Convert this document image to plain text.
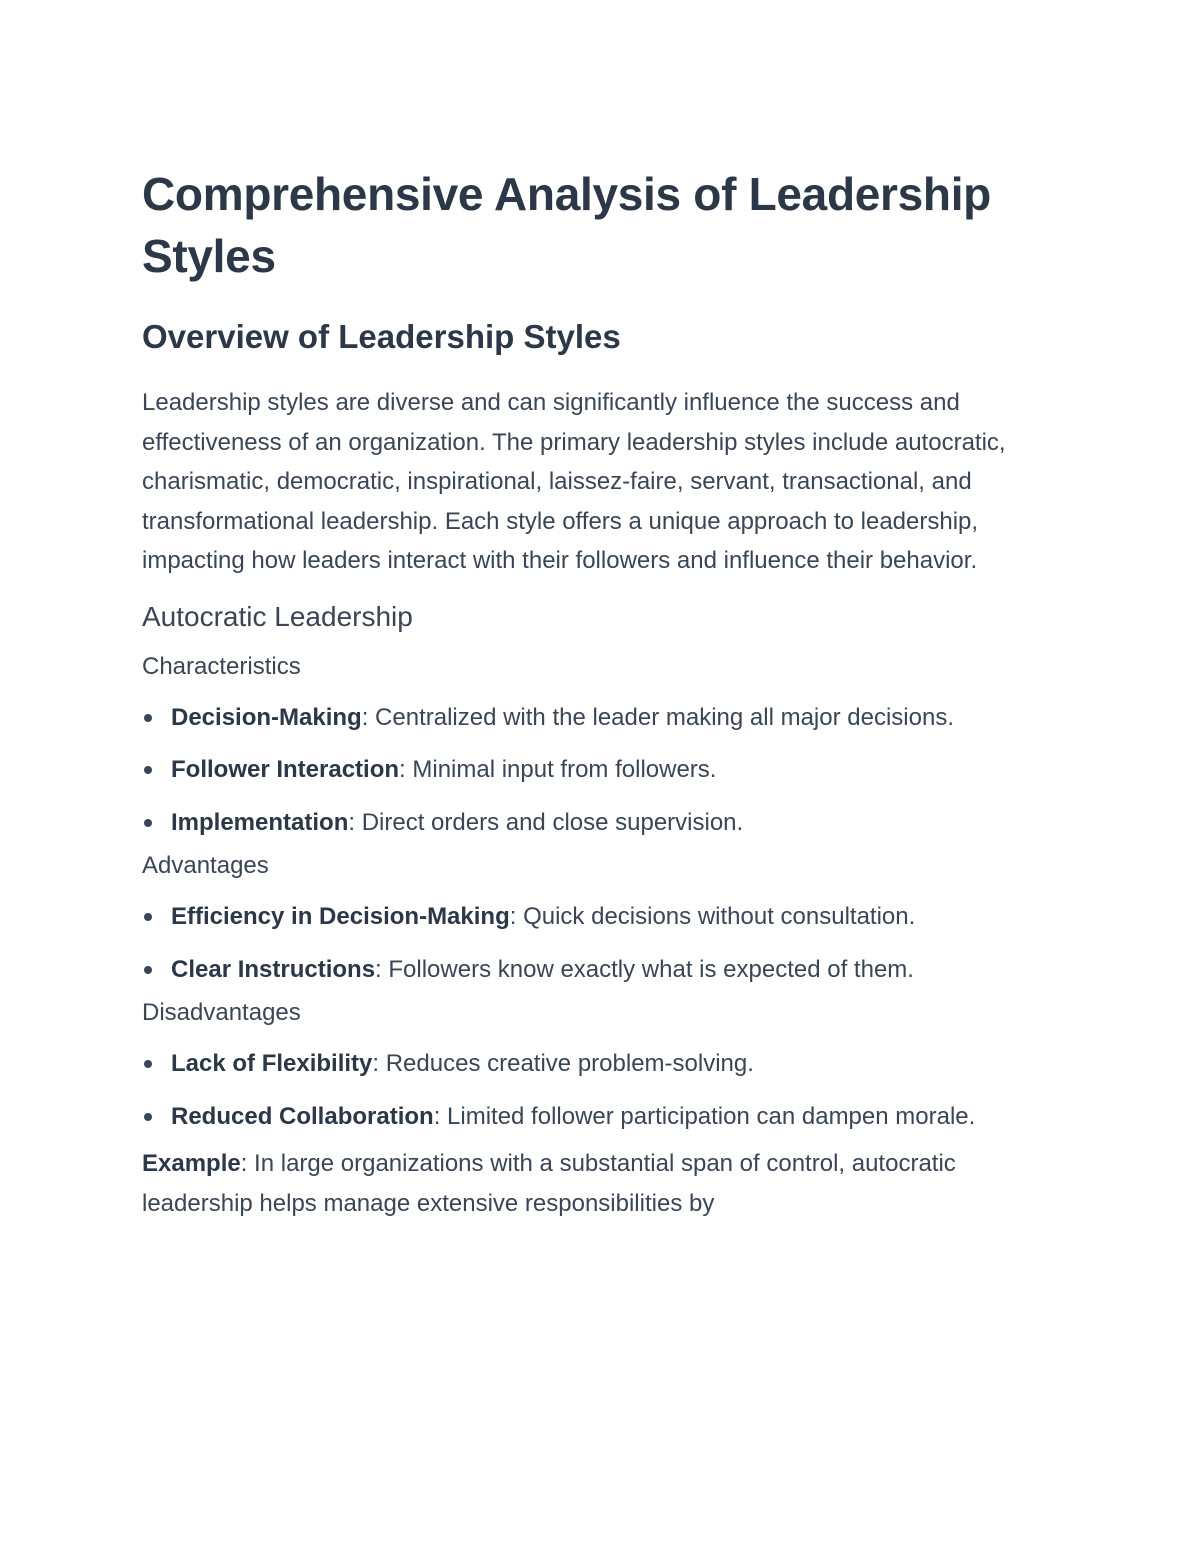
Comprehensive Analysis of Leadership Styles
Overview of Leadership Styles

Leadership styles are diverse and can significantly influence the success and effectiveness of an organization. The primary leadership styles include autocratic, charismatic, democratic, inspirational, laissez-faire, servant, transactional, and transformational leadership. Each style offers a unique approach to leadership, impacting how leaders interact with their followers and influence their behavior.

Autocratic Leadership
Characteristics
Decision-Making: Centralized with the leader making all major decisions.
Follower Interaction: Minimal input from followers.
Implementation: Direct orders and close supervision.
Advantages
Efficiency in Decision-Making: Quick decisions without consultation.
Clear Instructions: Followers know exactly what is expected of them.
Disadvantages
Lack of Flexibility: Reduces creative problem-solving.
Reduced Collaboration: Limited follower participation can dampen morale.

Example: In large organizations with a substantial span of control, autocratic leadership helps manage extensive responsibilities by
